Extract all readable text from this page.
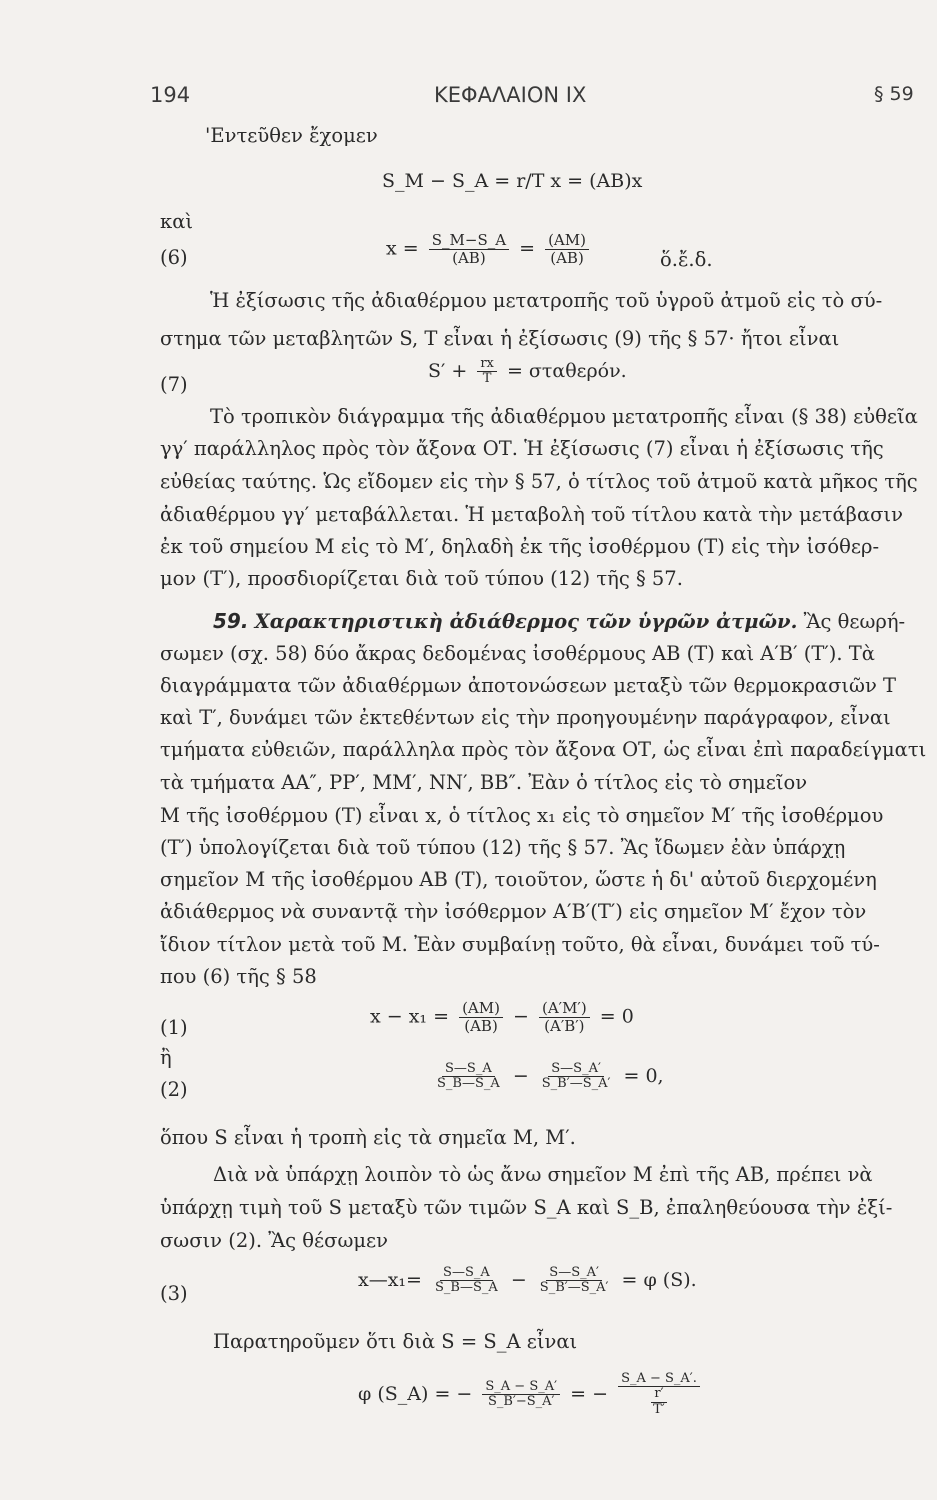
194	ΚΕΦΑΛΑΙΟΝ IX	§ 59
'Εντεῦθεν ἔχομεν
S_M − S_A = r/T x = (ΑΒ)x
καὶ
(6)	$x = \frac{S\_M-S\_A}{(AB)} = \frac{(AM)}{(AB)}$	ὅ.ἔ.δ.
Ἡ ἐξίσωσις τῆς ἀδιαθέρμου μετατροπῆς τοῦ ὑγροῦ ἀτμοῦ εἰς τὸ σύ-
στημα τῶν μεταβλητῶν S, T εἶναι ἡ ἐξίσωσις (9) τῆς § 57· ἤτοι εἶναι
(7)
$S' + \frac{rx}{T} = \sigma\tau\alpha\theta\varepsilon\rho ό\nu$.
Τὸ τροπικὸν διάγραμμα τῆς ἀδιαθέρμου μετατροπῆς εἶναι (§ 38) εὐθεῖα
γγ′ παράλληλος πρὸς τὸν ἄξονα ΟΤ. Ἡ ἐξίσωσις (7) εἶναι ἡ ἐξίσωσις τῆς
εὐθείας ταύτης. Ὡς εἴδομεν εἰς τὴν § 57, ὁ τίτλος τοῦ ἀτμοῦ κατὰ μῆκος τῆς
ἀδιαθέρμου γγ′ μεταβάλλεται. Ἡ μεταβολὴ τοῦ τίτλου κατὰ τὴν μετάβασιν
ἐκ τοῦ σημείου Μ εἰς τὸ Μ′, δηλαδὴ ἐκ τῆς ἰσοθέρμου (T) εἰς τὴν ἰσόθερ-
μον (T′), προσδιορίζεται διὰ τοῦ τύπου (12) τῆς § 57.
59. Χαρακτηριστικὴ ἀδιάθερμος τῶν ὑγρῶν ἀτμῶν. Ἂς θεωρή-
σωμεν (σχ. 58) δύο ἄκρας δεδομένας ἰσοθέρμους ΑΒ (T) καὶ Α′Β′ (T′). Τὰ
διαγράμματα τῶν ἀδιαθέρμων ἀποτονώσεων μεταξὺ τῶν θερμοκρασιῶν T
καὶ T′, δυνάμει τῶν ἐκτεθέντων εἰς τὴν προηγουμένην παράγραφον, εἶναι
τμήματα εὐθειῶν, παράλληλα πρὸς τὸν ἄξονα ΟΤ, ὡς εἶναι ἐπὶ παραδείγματι
τὰ τμήματα ΑΑ″, ΡΡ′, ΜΜ′, ΝΝ′, ΒΒ″. Ἐὰν ὁ τίτλος εἰς τὸ σημεῖον
Μ τῆς ἰσοθέρμου (T) εἶναι x, ὁ τίτλος x₁ εἰς τὸ σημεῖον Μ′ τῆς ἰσοθέρμου
(T′) ὑπολογίζεται διὰ τοῦ τύπου (12) τῆς § 57. Ἂς ἴδωμεν ἐὰν ὑπάρχῃ
σημεῖον Μ τῆς ἰσοθέρμου ΑΒ (T), τοιοῦτον, ὥστε ἡ δι' αὐτοῦ διερχομένη
ἀδιάθερμος νὰ συναντᾷ τὴν ἰσόθερμον Α′Β′(T′) εἰς σημεῖον Μ′ ἔχον τὸν
ἴδιον τίτλον μετὰ τοῦ Μ. Ἐὰν συμβαίνῃ τοῦτο, θὰ εἶναι, δυνάμει τοῦ τύ-
που (6) τῆς § 58
(1)	$x - x_1 = \frac{(AM)}{(AB)} - \frac{(A'M')}{(A'B')} = 0$
ἢ
(2)	$\frac{S—S\_A}{S\_B—S\_A} - \frac{S—S\_A'}{S\_B'—S\_A'} = 0$,
ὅπου S εἶναι ἡ τροπὴ εἰς τὰ σημεῖα Μ, Μ′.
Διὰ νὰ ὑπάρχῃ λοιπὸν τὸ ὡς ἄνω σημεῖον Μ ἐπὶ τῆς ΑΒ, πρέπει νὰ
ὑπάρχῃ τιμὴ τοῦ S μεταξὺ τῶν τιμῶν S_A καὶ S_B, ἐπαληθεύουσα τὴν ἐξί-
σωσιν (2). Ἂς θέσωμεν
(3)
x—x₁= $\frac{S—S\_A}{S\_B—S\_A} - \frac{S—S\_A'}{S\_B'—S\_A'} = \varphi$ (S).
Παρατηροῦμεν ὅτι διὰ S = S_A εἶναι
φ (S_A) = − $\frac{S\_A - S\_A'}{S\_B'-S\_A'}$ = − $\frac{S\_A - S\_A'.}{\frac{r'}{T'}}$
